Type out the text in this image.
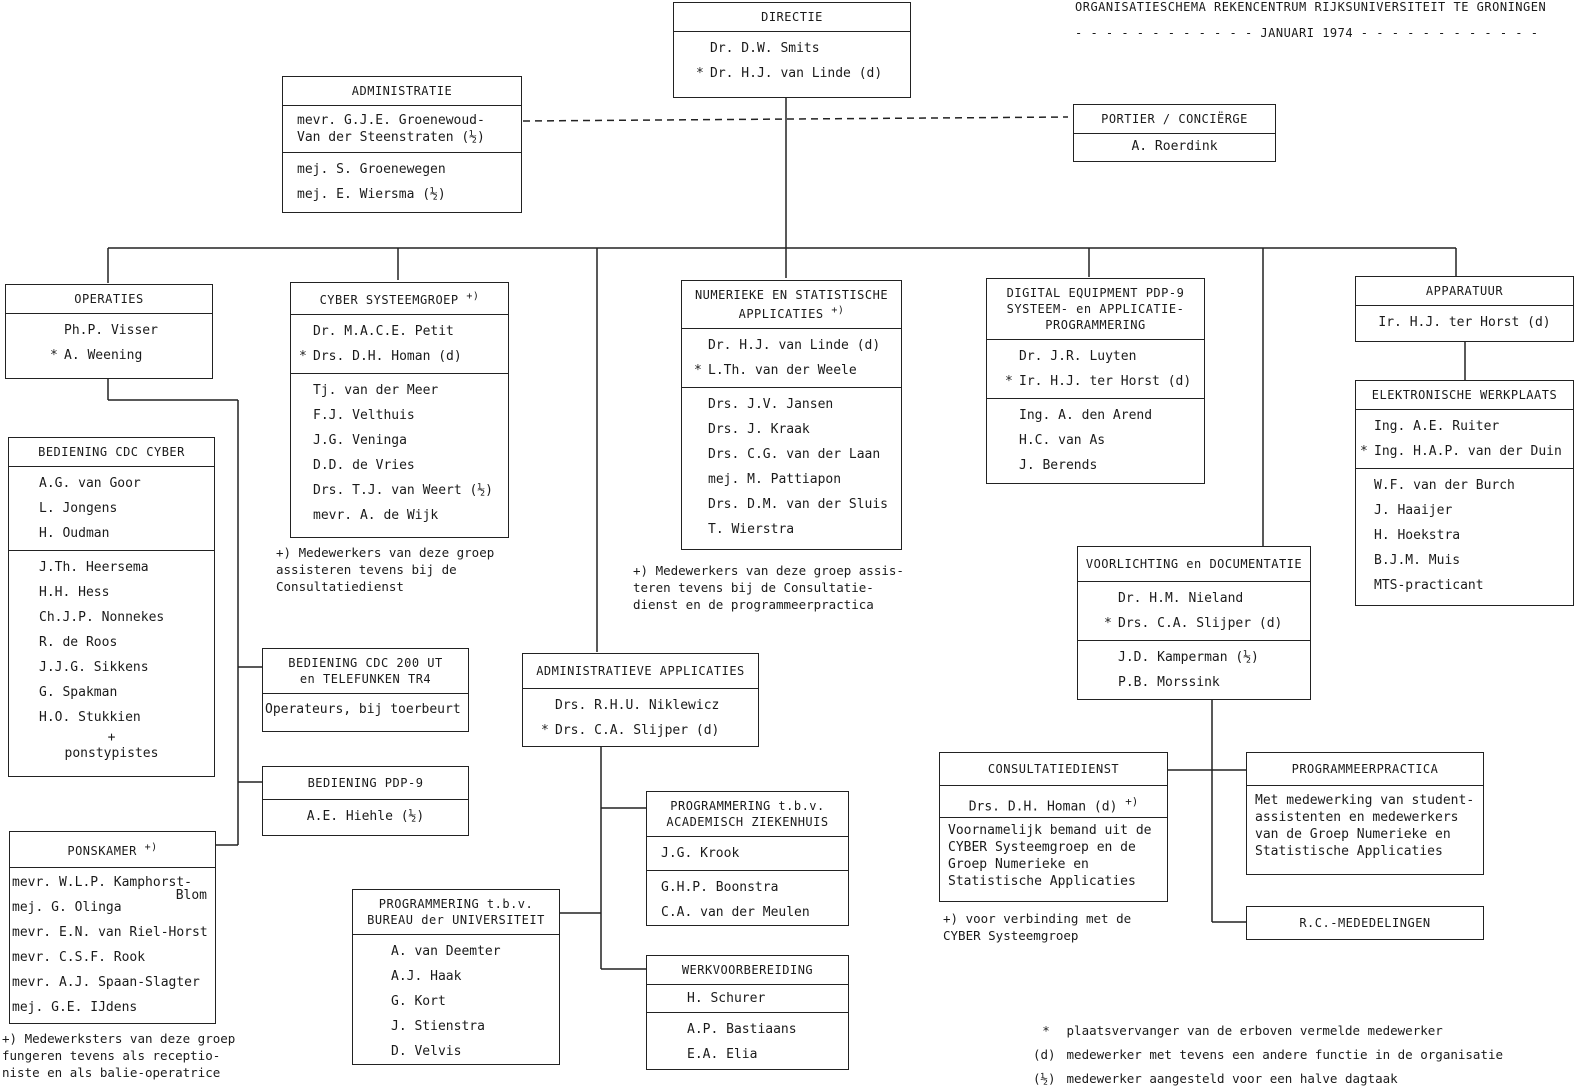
ORGANISATIESCHEMA REKENCENTRUM RIJKSUNIVERSITEIT TE GRONINGEN
- - - - - - - - - - - - JANUARI 1974 - - - - - - - - - - - -
DIRECTIE
Dr. D.W. Smits
* Dr. H.J. van Linde (d)
ADMINISTRATIE
mevr. G.J.E. Groenewoud-
Van der Steenstraten (½)
mej. S. Groenewegen
mej. E. Wiersma (½)
PORTIER / CONCIËRGE
A. Roerdink
OPERATIES
Ph.P. Visser
* A. Weening
CYBER SYSTEEMGROEP +)
Dr. M.A.C.E. Petit
* Drs. D.H. Homan (d)
Tj. van der Meer
F.J. Velthuis
J.G. Veninga
D.D. de Vries
Drs. T.J. van Weert (½)
mevr. A. de Wijk
+) Medewerkers van deze groep
assisteren tevens bij de
Consultatiedienst
NUMERIEKE EN STATISTISCHE
APPLICATIES +)
Dr. H.J. van Linde (d)
* L.Th. van der Weele
Drs. J.V. Jansen
Drs. J. Kraak
Drs. C.G. van der Laan
mej. M. Pattiapon
Drs. D.M. van der Sluis
T. Wierstra
+) Medewerkers van deze groep assis-
teren tevens bij de Consultatie-
dienst en de programmeerpractica
DIGITAL EQUIPMENT PDP-9
SYSTEEM- en APPLICATIE-
PROGRAMMERING
Dr. J.R. Luyten
* Ir. H.J. ter Horst (d)
Ing. A. den Arend
H.C. van As
J. Berends
APPARATUUR
Ir. H.J. ter Horst (d)
ELEKTRONISCHE WERKPLAATS
Ing. A.E. Ruiter
* Ing. H.A.P. van der Duin
W.F. van der Burch
J. Haaijer
H. Hoekstra
B.J.M. Muis
MTS-practicant
BEDIENING CDC CYBER
A.G. van Goor
L. Jongens
H. Oudman
J.Th. Heersema
H.H. Hess
Ch.J.P. Nonnekes
R. de Roos
J.J.G. Sikkens
G. Spakman
H.O. Stukkien
+
ponstypistes
BEDIENING CDC 200 UT
en TELEFUNKEN TR4
Operateurs, bij toerbeurt
BEDIENING PDP-9
A.E. Hiehle (½)
PONSKAMER +)
mevr. W.L.P. Kamphorst-
mej. G. Olinga
Blom
mevr. E.N. van Riel-Horst
mevr. C.S.F. Rook
mevr. A.J. Spaan-Slagter
mej. G.E. IJdens
+) Medewerksters van deze groep
fungeren tevens als receptio-
niste en als balie-operatrice
ADMINISTRATIEVE APPLICATIES
Drs. R.H.U. Niklewicz
* Drs. C.A. Slijper (d)
PROGRAMMERING t.b.v.
ACADEMISCH ZIEKENHUIS
J.G. Krook
G.H.P. Boonstra
C.A. van der Meulen
PROGRAMMERING t.b.v.
BUREAU der UNIVERSITEIT
A. van Deemter
A.J. Haak
G. Kort
J. Stienstra
D. Velvis
WERKVOORBEREIDING
H. Schurer
A.P. Bastiaans
E.A. Elia
VOORLICHTING en DOCUMENTATIE
Dr. H.M. Nieland
* Drs. C.A. Slijper (d)
J.D. Kamperman (½)
P.B. Morssink
CONSULTATIEDIENST
Drs. D.H. Homan (d) +)
Voornamelijk bemand uit de
CYBER Systeemgroep en de
Groep Numerieke en
Statistische Applicaties
+) voor verbinding met de
CYBER Systeemgroep
PROGRAMMEERPRACTICA
Met medewerking van student-
assistenten en medewerkers
van de Groep Numerieke en
Statistische Applicaties
R.C.-MEDEDELINGEN
* plaatsvervanger van de erboven vermelde medewerker
(d) medewerker met tevens een andere functie in de organisatie
(½) medewerker aangesteld voor een halve dagtaak
